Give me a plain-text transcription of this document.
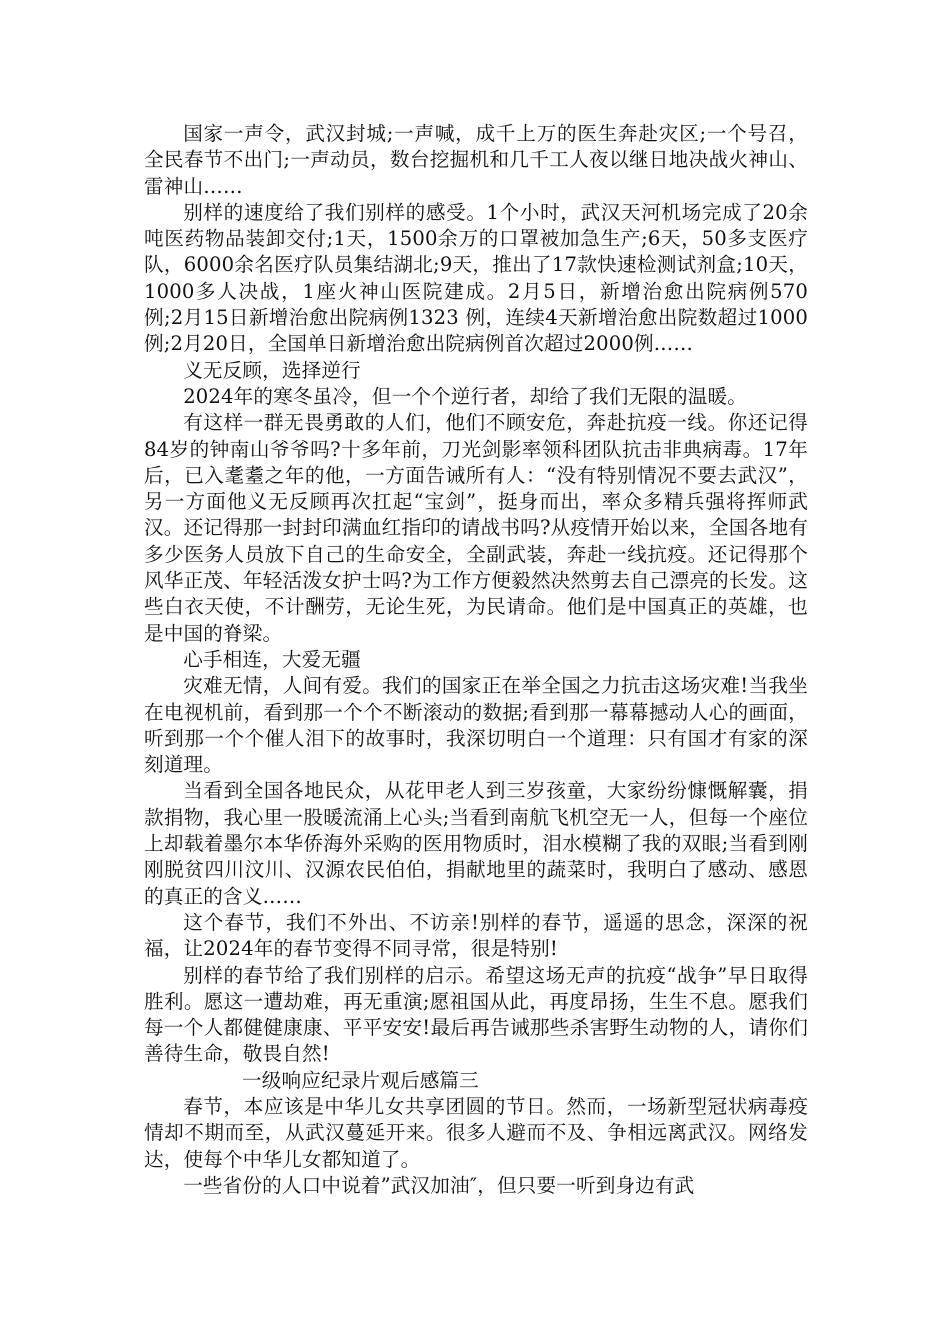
国家一声令，武汉封城;一声喊，成千上万的医生奔赴灾区;一个号召，全民春节不出门;一声动员，数台挖掘机和几千工人夜以继日地决战火神山、雷神山……

别样的速度给了我们别样的感受。1个小时，武汉天河机场完成了20余吨医药物品装卸交付;1天，1500余万的口罩被加急生产;6天，50多支医疗队，6000余名医疗队员集结湖北;9天，推出了17款快速检测试剂盒;10天，1000多人决战，1座火神山医院建成。2月5日，新增治愈出院病例570 例;2月15日新增治愈出院病例1323 例，连续4天新增治愈出院数超过1000例;2月20日，全国单日新增治愈出院病例首次超过2000例……

义无反顾，选择逆行

2024年的寒冬虽冷，但一个个逆行者，却给了我们无限的温暖。

有这样一群无畏勇敢的人们，他们不顾安危，奔赴抗疫一线。你还记得84岁的钟南山爷爷吗?十多年前，刀光剑影率领科团队抗击非典病毒。17年后，已入耄耋之年的他，一方面告诫所有人：“没有特别情况不要去武汉”，另一方面他义无反顾再次扛起“宝剑”，挺身而出，率众多精兵强将挥师武汉。还记得那一封封印满血红指印的请战书吗?从疫情开始以来，全国各地有多少医务人员放下自己的生命安全，全副武装，奔赴一线抗疫。还记得那个风华正茂、年轻活泼女护士吗?为工作方便毅然决然剪去自己漂亮的长发。这些白衣天使，不计酬劳，无论生死，为民请命。他们是中国真正的英雄，也是中国的脊梁。

心手相连，大爱无疆

灾难无情，人间有爱。我们的国家正在举全国之力抗击这场灾难!当我坐在电视机前，看到那一个个不断滚动的数据;看到那一幕幕撼动人心的画面，听到那一个个催人泪下的故事时，我深切明白一个道理：只有国才有家的深刻道理。

当看到全国各地民众，从花甲老人到三岁孩童，大家纷纷慷慨解囊，捐款捐物，我心里一股暖流涌上心头;当看到南航飞机空无一人，但每一个座位上却载着墨尔本华侨海外采购的医用物质时，泪水模糊了我的双眼;当看到刚刚脱贫四川汶川、汉源农民伯伯，捐献地里的蔬菜时，我明白了感动、感恩的真正的含义……

这个春节，我们不外出、不访亲!别样的春节，遥遥的思念，深深的祝福，让2024年的春节变得不同寻常，很是特别!

别样的春节给了我们别样的启示。希望这场无声的抗疫“战争”早日取得胜利。愿这一遭劫难，再无重演;愿祖国从此，再度昂扬，生生不息。愿我们每一个人都健健康康、平平安安!最后再告诫那些杀害野生动物的人，请你们善待生命，敬畏自然!

一级响应纪录片观后感篇三

春节，本应该是中华儿女共享团圆的节日。然而，一场新型冠状病毒疫情却不期而至，从武汉蔓延开来。很多人避而不及、争相远离武汉。网络发达，使每个中华儿女都知道了。

一些省份的人口中说着”武汉加油″，但只要一听到身边有武
